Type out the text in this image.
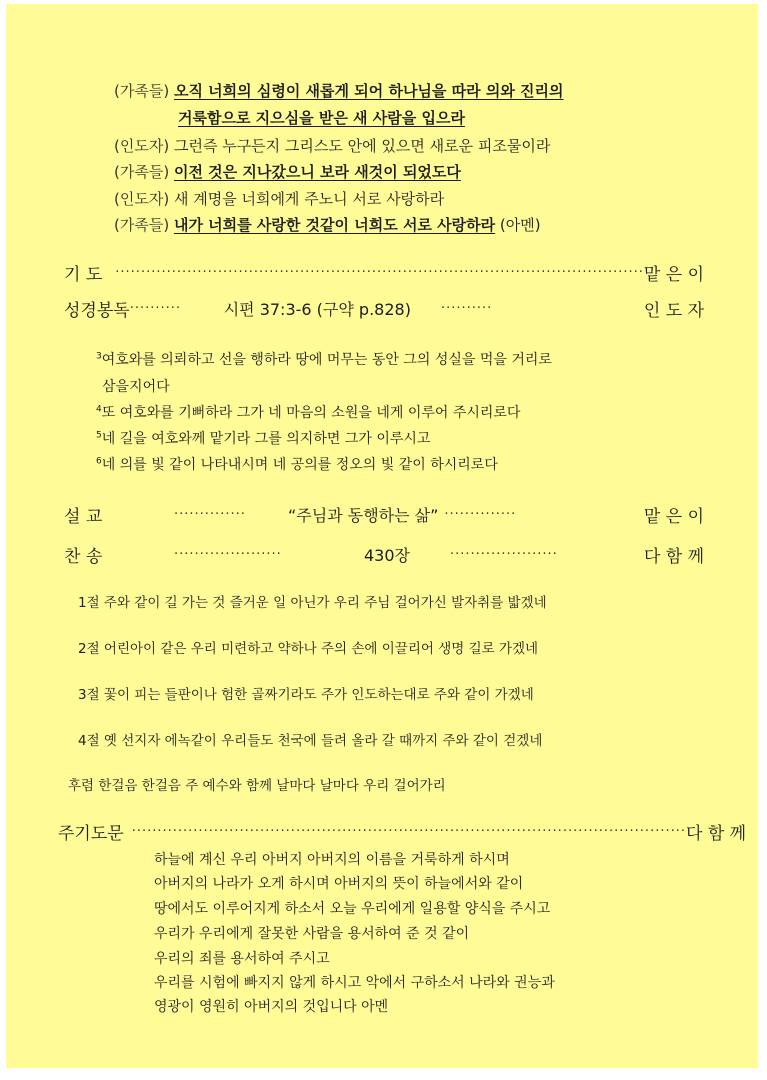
(가족들) 오직 너희의 심령이 새롭게 되어 하나님을 따라 의와 진리의
거룩함으로 지으심을 받은 새 사람을 입으라
(인도자) 그런즉 누구든지 그리스도 안에 있으면 새로운 피조물이라
(가족들) 이전 것은 지나갔으니 보라 새것이 되었도다
(인도자) 새 계명을 너희에게 주노니 서로 사랑하라
(가족들) 내가 너희를 사랑한 것같이 너희도 서로 사랑하라 (아멘)
기 도	······································································································· 맡 은 이
성경봉독 ··········	시편 37:3-6 (구약 p.828) ··········	인 도 자
$^3$여호와를 의뢰하고 선을 행하라 땅에 머무는 동안 그의 성실을 먹을 거리로
삼을지어다
$^4$또 여호와를 기뻐하라 그가 네 마음의 소원을 네게 이루어 주시리로다
$^5$네 길을 여호와께 맡기라 그를 의지하면 그가 이루시고
$^6$네 의를 빛 같이 나타내시며 네 공의를 정오의 빛 같이 하시리로다
설 교	··············	“주님과 동행하는 삶” ··············	맡 은 이
찬 송	·····················	430장	·····················	다 함 께
1절 주와 같이 길 가는 것 즐거운 일 아닌가 우리 주님 걸어가신 발자취를 밟겠네
2절 어린아이 같은 우리 미련하고 약하나 주의 손에 이끌리어 생명 길로 가겠네
3절 꽃이 피는 들판이나 험한 골짜기라도 주가 인도하는대로 주와 같이 가겠네
4절 옛 선지자 에녹같이 우리들도 천국에 들려 올라 갈 때까지 주와 같이 걷겠네
후렴 한걸음 한걸음 주 예수와 함께 날마다 날마다 우리 걸어가리
주기도문 ············································································································ 다 함 께
하늘에 계신 우리 아버지 아버지의 이름을 거룩하게 하시며
아버지의 나라가 오게 하시며 아버지의 뜻이 하늘에서와 같이
땅에서도 이루어지게 하소서 오늘 우리에게 일용할 양식을 주시고
우리가 우리에게 잘못한 사람을 용서하여 준 것 같이
우리의 죄를 용서하여 주시고
우리를 시험에 빠지지 않게 하시고 악에서 구하소서 나라와 권능과
영광이 영원히 아버지의 것입니다 아멘
